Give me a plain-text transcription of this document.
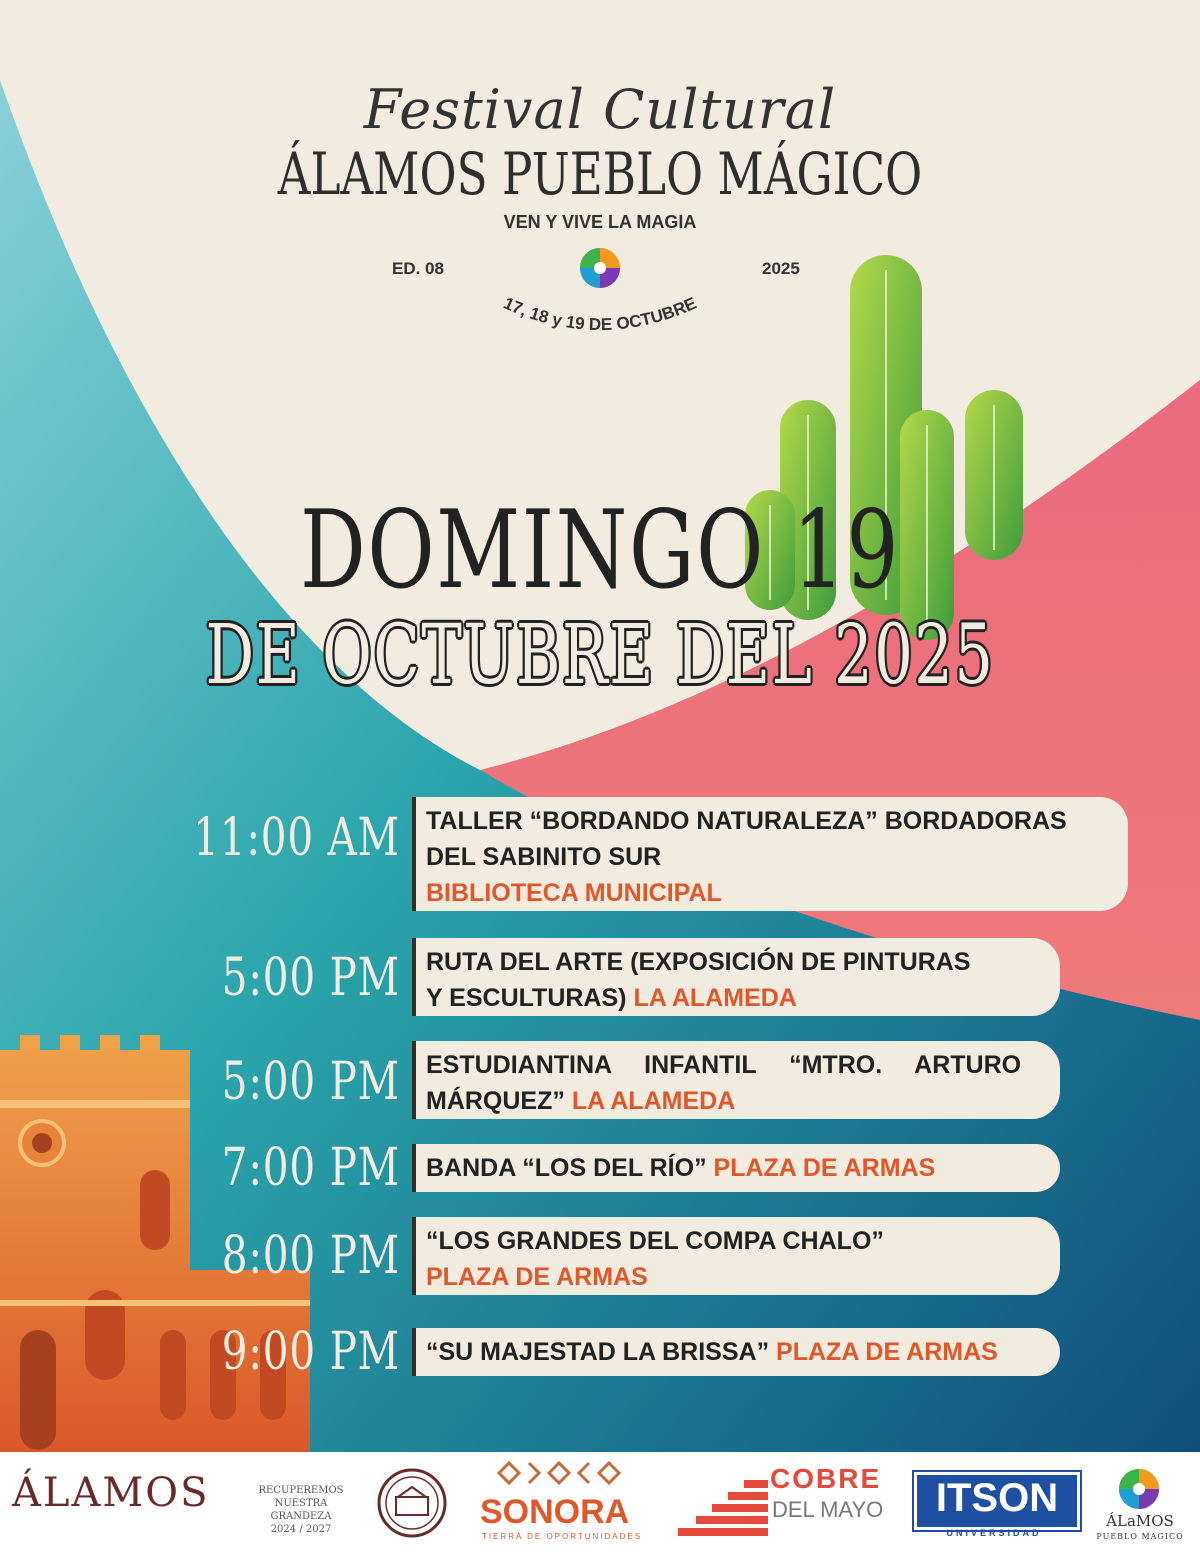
17, 18 y 19 DE OCTUBRE
Festival Cultural
ÁLAMOS PUEBLO MÁGICO
VEN Y VIVE LA MAGIA
ED. 08	2025
DOMINGO 19
DE OCTUBRE DEL 2025
11:00 AM TALLER “BORDANDO NATURALEZA” BORDADORAS
DEL SABINITO SUR
BIBLIOTECA MUNICIPAL
5:00 PM RUTA DEL ARTE (EXPOSICIÓN DE PINTURAS
Y ESCULTURAS) LA ALAMEDA
5:00 PM ESTUDIANTINA INFANTIL “MTRO. ARTURO
MÁRQUEZ” LA ALAMEDA
7:00 PM	BANDA “LOS DEL RÍO” PLAZA DE ARMAS
8:00 PM “LOS GRANDES DEL COMPA CHALO”
PLAZA DE ARMAS
9:00 PM	“SU MAJESTAD LA BRISSA” PLAZA DE ARMAS
ÁLAMOS	RECUPEREMOS
NUESTRA GRANDEZA
2024 / 2027	SONORA
TIERRA DE OPORTUNIDADES
COBRE
DEL MAYO	ITSON
UNIVERSIDAD
ÁLaMOS
PUEBLO MÁGICO
